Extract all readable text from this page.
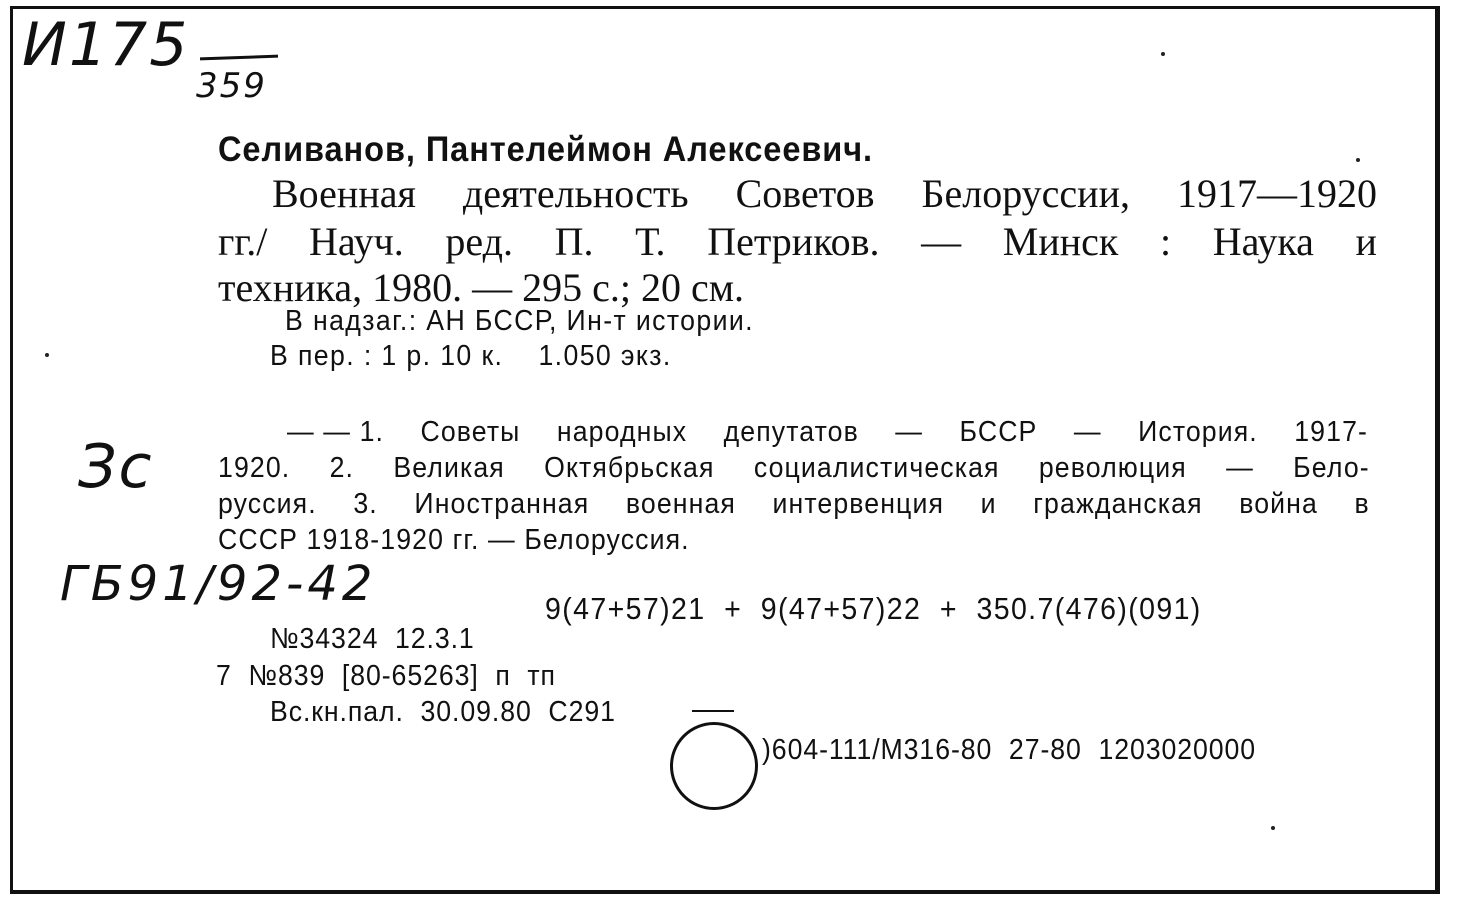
И175
359
Зс
ГБ91/92-42
Селиванов, Пантелеймон Алексеевич.
Военная деятельность Советов Белоруссии, 1917—1920
гг./ Науч. ред. П. Т. Петриков. — Минск : Наука и
техника, 1980. — 295 с.; 20 см.
В надзаг.: АН БССР, Ин-т истории.
В пер. : 1 р. 10 к.    1.050 экз.
— — 1. Советы народных депутатов — БССР — История. 1917-
1920. 2. Великая Октябрьская социалистическая революция — Бело-
руссия. 3. Иностранная военная интервенция и гражданская война в
СССР 1918-1920 гг. — Белоруссия.
9(47+57)21  +  9(47+57)22  +  350.7(476)(091)
№34324  12.3.1
7  №839  [80-65263]  п  тп
Вс.кн.пал.  30.09.80  С291
)604-111/М316-80  27-80  1203020000
